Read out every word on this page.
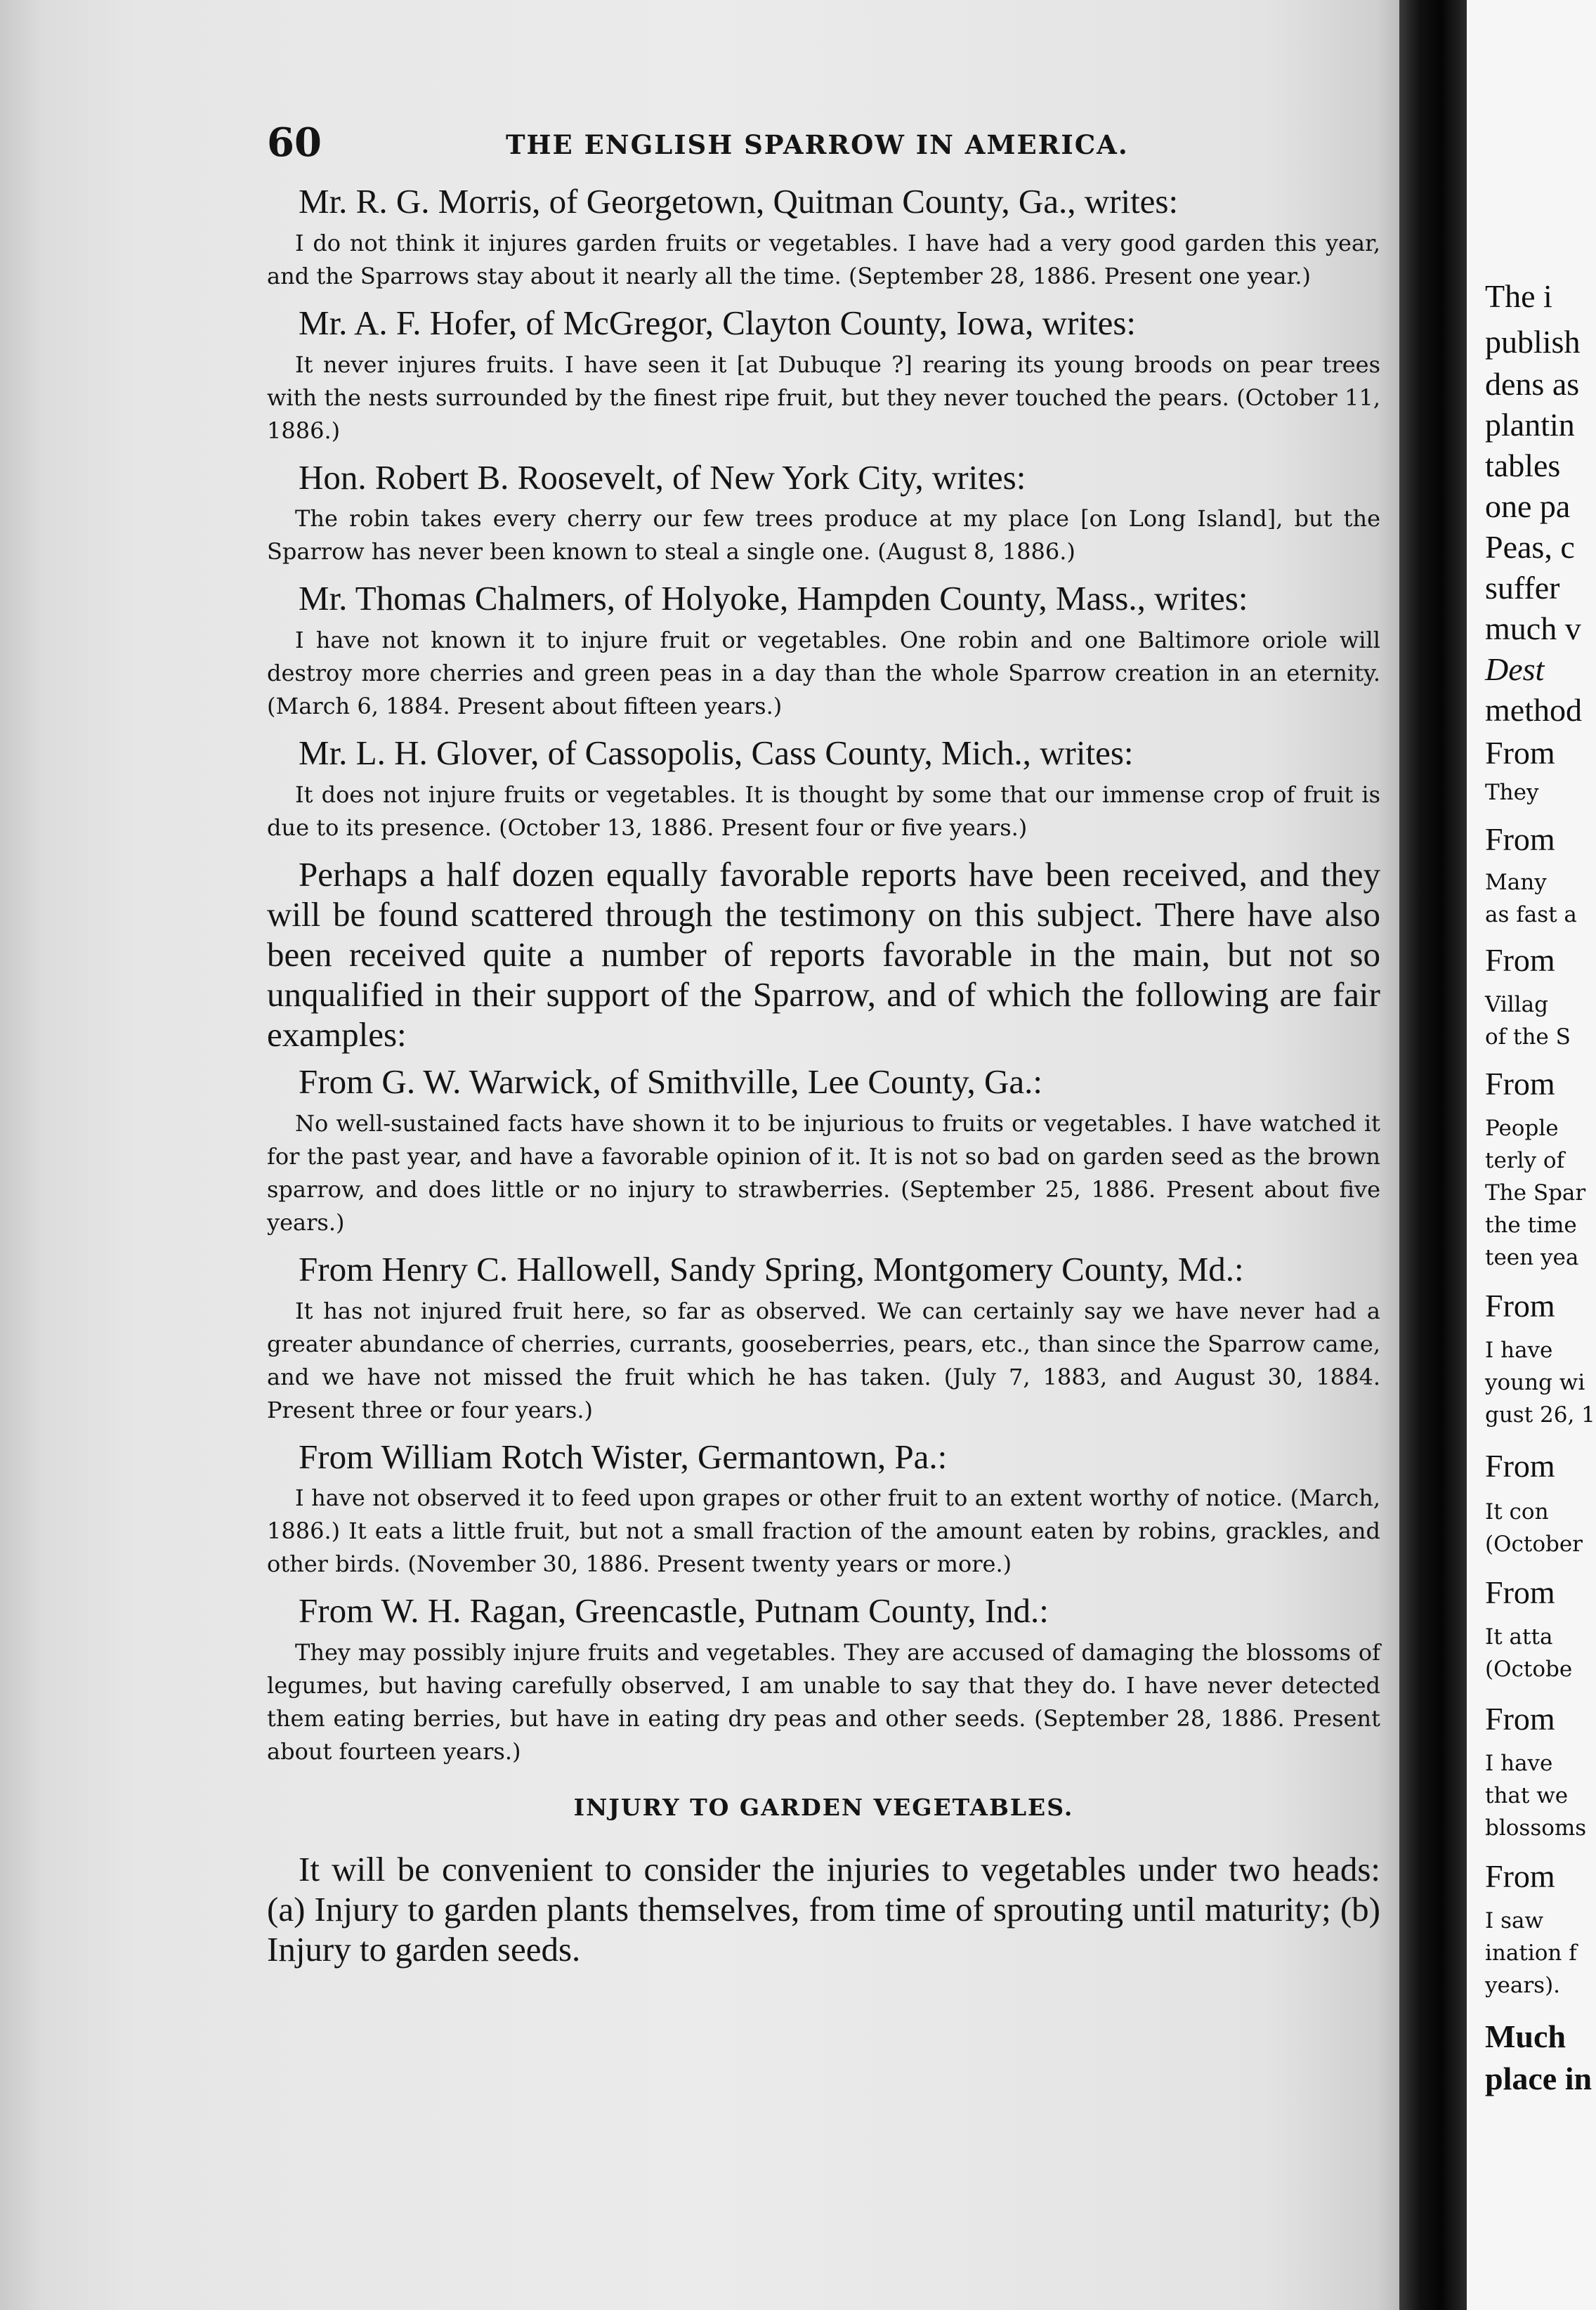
60	THE ENGLISH SPARROW IN AMERICA.
Mr. R. G. Morris, of Georgetown, Quitman County, Ga., writes:
I do not think it injures garden fruits or vegetables. I have had a very good garden this year, and the Sparrows stay about it nearly all the time. (September 28, 1886. Present one year.)
Mr. A. F. Hofer, of McGregor, Clayton County, Iowa, writes:
It never injures fruits. I have seen it [at Dubuque ?] rearing its young broods on pear trees with the nests surrounded by the finest ripe fruit, but they never touched the pears. (October 11, 1886.)
Hon. Robert B. Roosevelt, of New York City, writes:
The robin takes every cherry our few trees produce at my place [on Long Island], but the Sparrow has never been known to steal a single one. (August 8, 1886.)
Mr. Thomas Chalmers, of Holyoke, Hampden County, Mass., writes:
I have not known it to injure fruit or vegetables. One robin and one Baltimore oriole will destroy more cherries and green peas in a day than the whole Sparrow creation in an eternity. (March 6, 1884. Present about fifteen years.)
Mr. L. H. Glover, of Cassopolis, Cass County, Mich., writes:
It does not injure fruits or vegetables. It is thought by some that our immense crop of fruit is due to its presence. (October 13, 1886. Present four or five years.)
Perhaps a half dozen equally favorable reports have been received, and they will be found scattered through the testimony on this subject. There have also been received quite a number of reports favorable in the main, but not so unqualified in their support of the Sparrow, and of which the following are fair examples:
From G. W. Warwick, of Smithville, Lee County, Ga.:
No well-sustained facts have shown it to be injurious to fruits or vegetables. I have watched it for the past year, and have a favorable opinion of it. It is not so bad on garden seed as the brown sparrow, and does little or no injury to strawberries. (September 25, 1886. Present about five years.)
From Henry C. Hallowell, Sandy Spring, Montgomery County, Md.:
It has not injured fruit here, so far as observed. We can certainly say we have never had a greater abundance of cherries, currants, gooseberries, pears, etc., than since the Sparrow came, and we have not missed the fruit which he has taken. (July 7, 1883, and August 30, 1884. Present three or four years.)
From William Rotch Wister, Germantown, Pa.:
I have not observed it to feed upon grapes or other fruit to an extent worthy of notice. (March, 1886.) It eats a little fruit, but not a small fraction of the amount eaten by robins, grackles, and other birds. (November 30, 1886. Present twenty years or more.)
From W. H. Ragan, Greencastle, Putnam County, Ind.:
They may possibly injure fruits and vegetables. They are accused of damaging the blossoms of legumes, but having carefully observed, I am unable to say that they do. I have never detected them eating berries, but have in eating dry peas and other seeds. (September 28, 1886. Present about fourteen years.)
INJURY TO GARDEN VEGETABLES.
It will be convenient to consider the injuries to vegetables under two heads: (a) Injury to garden plants themselves, from time of sprouting until maturity; (b) Injury to garden seeds.
The i
publish
dens as
plantin
tables
one pa
Peas, c
suffer
much v
Dest
method
From
They
From
Many
as fast a
From
Villag
of the S
From
People
terly of
The Spar
the time
teen yea
From
I have
young wi
gust 26, 1
From
It con
(October
From
It atta
(Octobe
From
I have
that we
blossoms
From
I saw
ination f
years).
Much
place in
